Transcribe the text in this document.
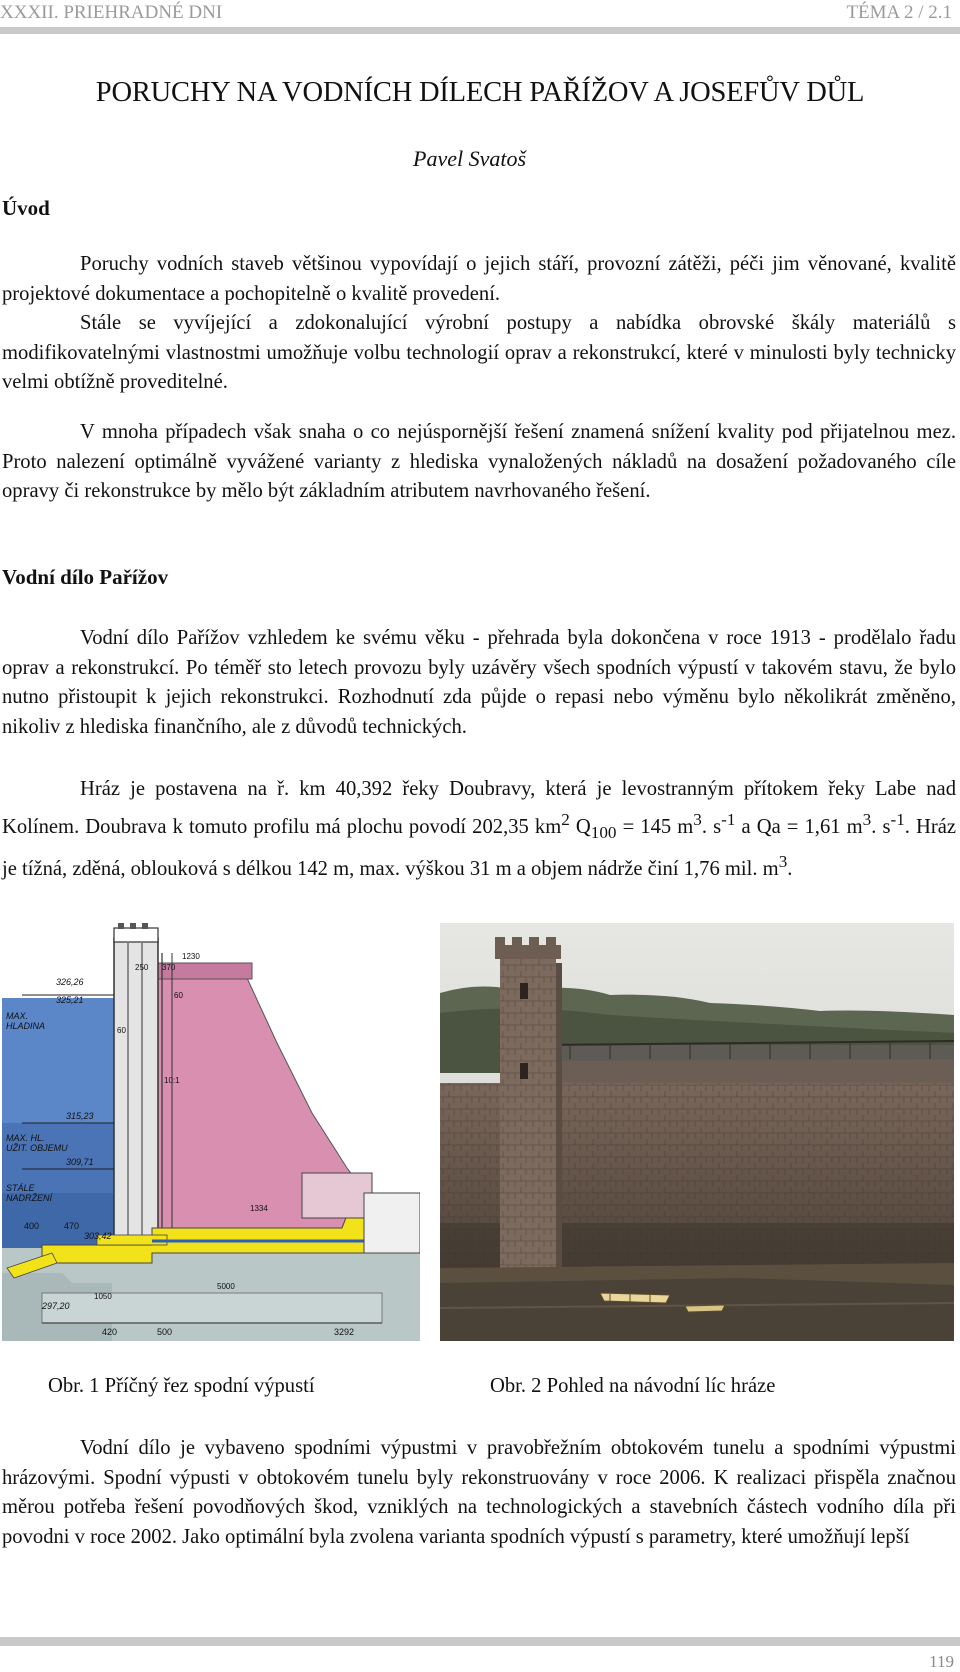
XXXII. PRIEHRADNÉ DNI	TÉMA 2 / 2.1
PORUCHY NA VODNÍCH DÍLECH PAŘÍŽOV A JOSEFŮV DŮL

Pavel Svatoš

Úvod

Poruchy vodních staveb většinou vypovídají o jejich stáří, provozní zátěži, péči jim věnované, kvalitě projektové dokumentace a pochopitelně o kvalitě provedení.

Stále se vyvíjející a zdokonalující výrobní postupy a nabídka obrovské škály materiálů s modifikovatelnými vlastnostmi umožňuje volbu technologií oprav a rekonstrukcí, které v minulosti byly technicky velmi obtížně proveditelné.

V mnoha případech však snaha o co nejúspornější řešení znamená snížení kvality pod přijatelnou mez. Proto nalezení optimálně vyvážené varianty z hlediska vynaložených nákladů na dosažení požadovaného cíle opravy či rekonstrukce by mělo být základním atributem navrhovaného řešení.

Vodní dílo Pařížov

Vodní dílo Pařížov vzhledem ke svému věku - přehrada byla dokončena v roce 1913 - prodělalo řadu oprav a rekonstrukcí. Po téměř sto letech provozu byly uzávěry všech spodních výpustí v takovém stavu, že bylo nutno přistoupit k jejich rekonstrukci. Rozhodnutí zda půjde o repasi nebo výměnu bylo několikrát změněno, nikoliv z hlediska finančního, ale z důvodů technických.

Hráz je postavena na ř. km 40,392 řeky Doubravy, která je levostranným přítokem řeky Labe nad Kolínem. Doubrava k tomuto profilu má plochu povodí 202,35 $km^2$ $Q_{100} = 145$ $m^3$. $s^{-1}$ a Qa = 1,61 $m^3$. $s^{-1}$. Hráz je tížná, zděná, oblouková s délkou 142 m, max. výškou 31 m a objem nádrže činí 1,76 mil. $m^3$.

MAX.
HLADINA
MAX. HL.
UŽIT. OBJEMU
STÁLE
NADRŽENÍ
326,26
325,21
315,23
309,71
303,42
297,20
250 370
1230
60
60
10:1
400	470
1334
5000
1050
420	500	3292

Obr. 1 Příčný řez spodní výpustí	Obr. 2 Pohled na návodní líc hráze

Vodní dílo je vybaveno spodními výpustmi v pravobřežním obtokovém tunelu a spodními výpustmi hrázovými. Spodní výpusti v obtokovém tunelu byly rekonstruovány v roce 2006. K realizaci přispěla značnou měrou potřeba řešení povodňových škod, vzniklých na technologických a stavebních částech vodního díla při povodni v roce 2002. Jako optimální byla zvolena varianta spodních výpustí s parametry, které umožňují lepší

119
